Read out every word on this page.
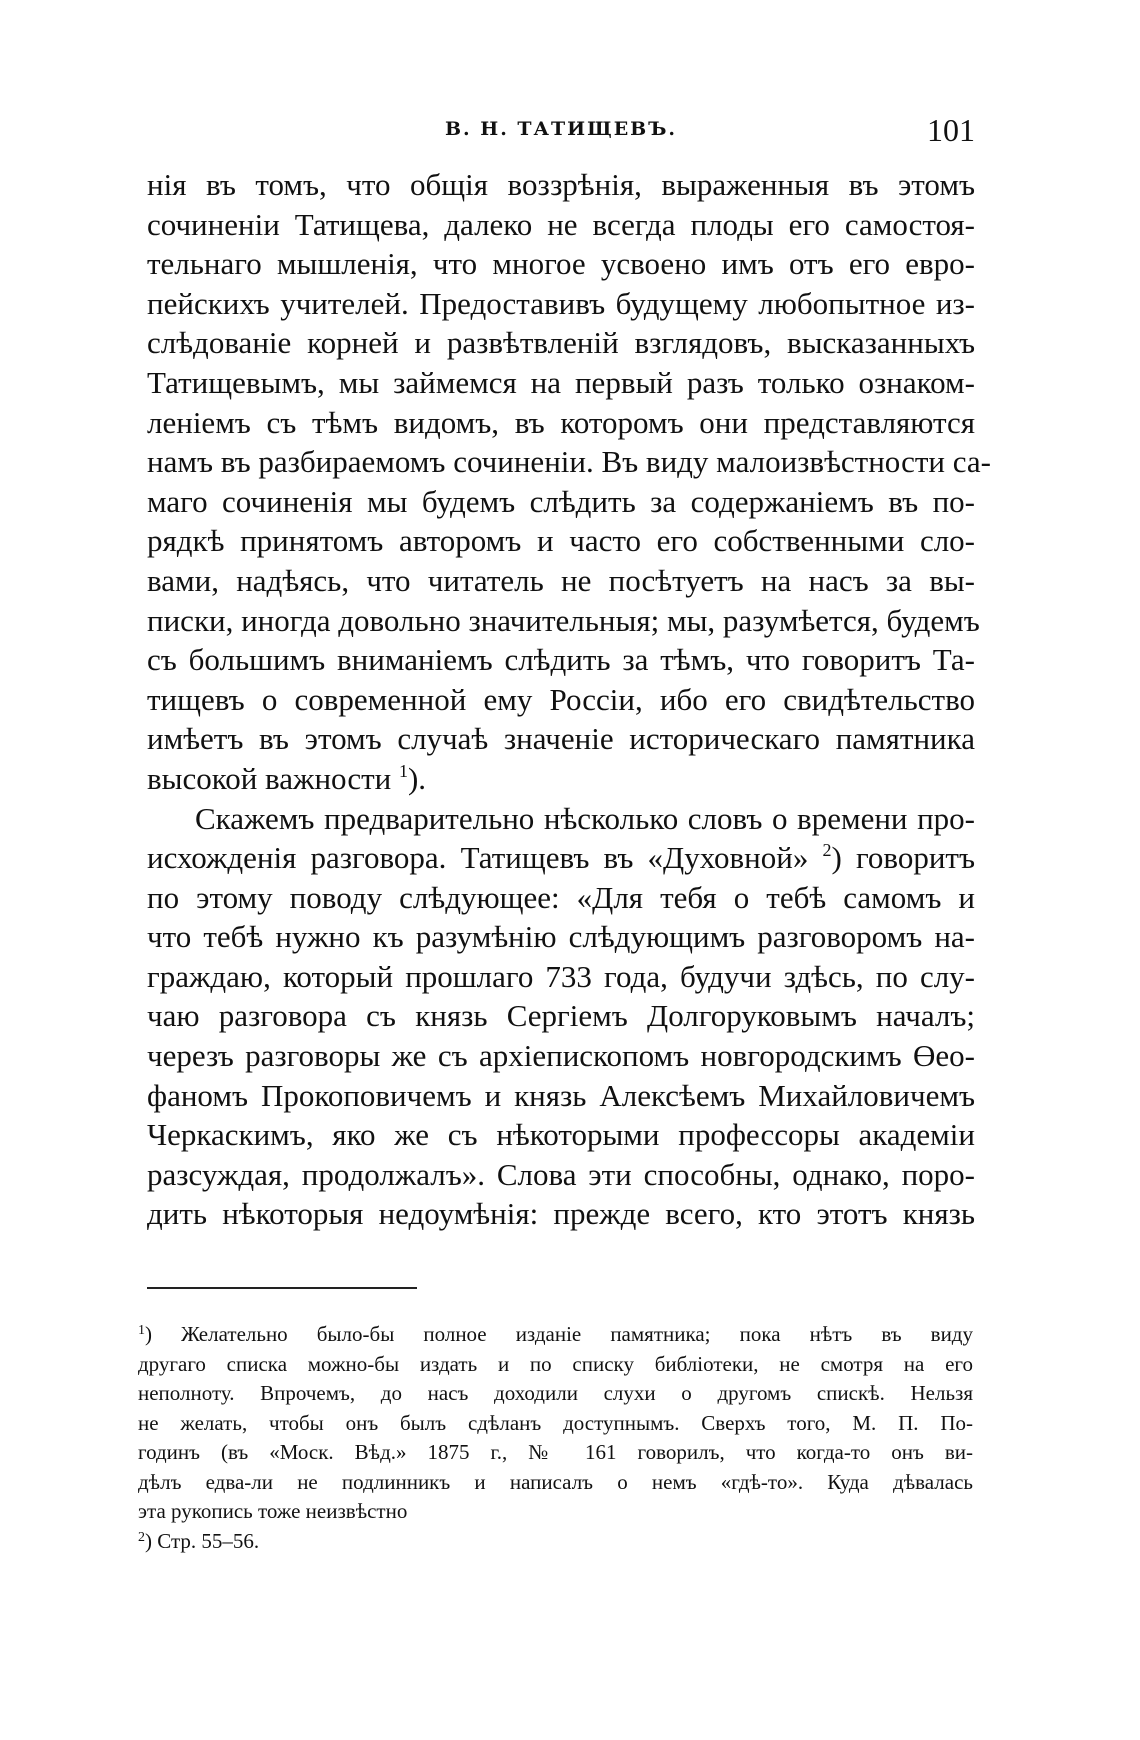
В. Н. ТАТИЩЕВЪ.	101
нія въ томъ, что общія воззрѣнія, выраженныя въ этомъ
сочиненіи Татищева, далеко не всегда плоды его самостоя-
тельнаго мышленія, что многое усвоено имъ отъ его евро-
пейскихъ учителей. Предоставивъ будущему любопытное из-
слѣдованіе корней и развѣтвленій взглядовъ, высказанныхъ
Татищевымъ, мы займемся на первый разъ только ознаком-
леніемъ съ тѣмъ видомъ, въ которомъ они представляются
намъ въ разбираемомъ сочиненіи. Въ виду малоизвѣстности са-
маго сочиненія мы будемъ слѣдить за содержаніемъ въ по-
рядкѣ принятомъ авторомъ и часто его собственными сло-
вами, надѣясь, что читатель не посѣтуетъ на насъ за вы-
писки, иногда довольно значительныя; мы, разумѣется, будемъ
съ большимъ вниманіемъ слѣдить за тѣмъ, что говоритъ Та-
тищевъ о современной ему Россіи, ибо его свидѣтельство
имѣетъ въ этомъ случаѣ значеніе историческаго памятника
высокой важности $^1$).
Скажемъ предварительно нѣсколько словъ о времени про-
исхожденія разговора. Татищевъ въ «Духовной» $^2$) говоритъ
по этому поводу слѣдующее: «Для тебя о тебѣ самомъ и
что тебѣ нужно къ разумѣнію слѣдующимъ разговоромъ на-
граждаю, который прошлаго 733 года, будучи здѣсь, по слу-
чаю разговора съ князь Сергіемъ Долгоруковымъ началъ;
черезъ разговоры же съ архіепископомъ новгородскимъ Өео-
фаномъ Прокоповичемъ и князь Алексѣемъ Михайловичемъ
Черкаскимъ, яко же съ нѣкоторыми профессоры академіи
разсуждая, продолжалъ». Слова эти способны, однако, поро-
дить нѣкоторыя недоумѣнія: прежде всего, кто этотъ князь
$^1$) Желательно было-бы полное изданіе памятника; пока нѣтъ въ виду
другаго списка можно-бы издать и по списку библіотеки, не смотря на его
неполноту. Впрочемъ, до насъ доходили слухи о другомъ спискѣ. Нельзя
не желать, чтобы онъ былъ сдѣланъ доступнымъ. Сверхъ того, М. П. По-
годинъ (въ «Моск. Вѣд.» 1875 г., № 161 говорилъ, что когда-то онъ ви-
дѣлъ едва-ли не подлинникъ и написалъ о немъ «гдѣ-то». Куда дѣвалась
эта рукопись тоже неизвѣстно
$^2$) Стр. 55–56.
